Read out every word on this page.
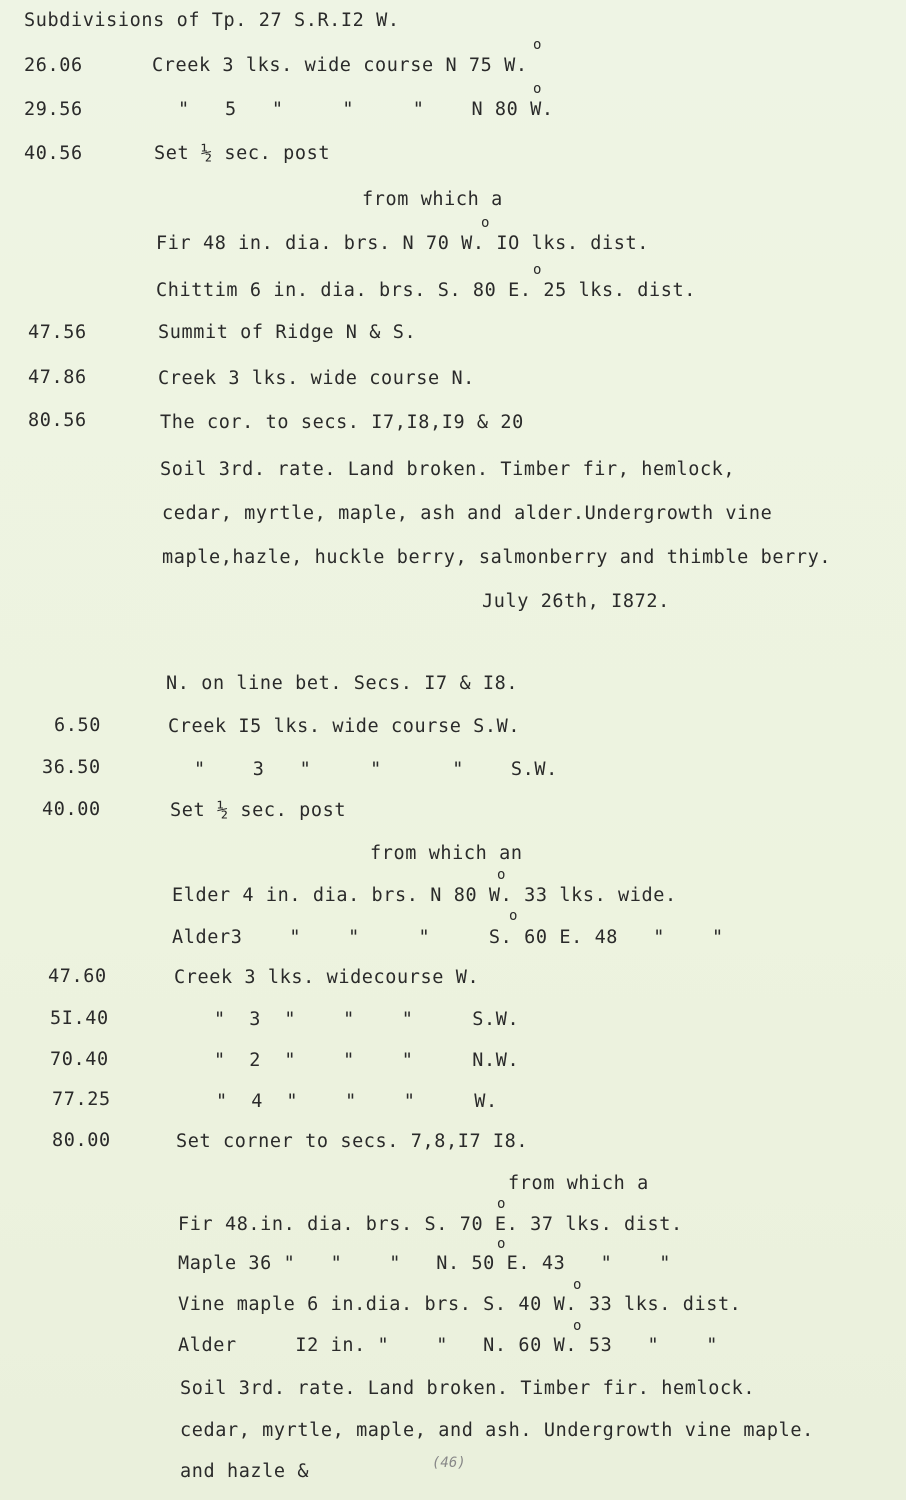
Subdivisions of Tp. 27 S.R.I2 W.
26.06	Creek 3 lks. wide course N 75 W.
o
29.56	"   5   "     "     "    N 80 W.
o
40.56	Set ½ sec. post
from which a
Fir 48 in. dia. brs. N 70 W. IO lks. dist.
o
Chittim 6 in. dia. brs. S. 80 E. 25 lks. dist.
o
47.56	Summit of Ridge N & S.
47.86	Creek 3 lks. wide course N.
80.56	The cor. to secs. I7,I8,I9 & 20
Soil 3rd. rate. Land broken. Timber fir, hemlock,
cedar, myrtle, maple, ash and alder.Undergrowth vine
maple,hazle, huckle berry, salmonberry and thimble berry.
July 26th, I872.
N. on line bet. Secs. I7 & I8.
6.50	Creek I5 lks. wide course S.W.
36.50	"    3   "     "      "    S.W.
40.00	Set ½ sec. post
from which an
Elder 4 in. dia. brs. N 80 W. 33 lks. wide.
o
Alder3    "    "     "     S. 60 E. 48   "    "
o
47.60	Creek 3 lks. widecourse W.
5I.40	"  3  "    "    "     S.W.
70.40	"  2  "    "    "     N.W.
77.25	"  4  "    "    "     W.
80.00	Set corner to secs. 7,8,I7 I8.
from which a
Fir 48.in. dia. brs. S. 70 E. 37 lks. dist.
o
Maple 36 "   "    "   N. 50 E. 43   "    "
o
Vine maple 6 in.dia. brs. S. 40 W. 33 lks. dist.
o
Alder     I2 in. "    "   N. 60 W. 53   "    "
o
Soil 3rd. rate. Land broken. Timber fir. hemlock.
cedar, myrtle, maple, and ash. Undergrowth vine maple.
and hazle &	(46)
